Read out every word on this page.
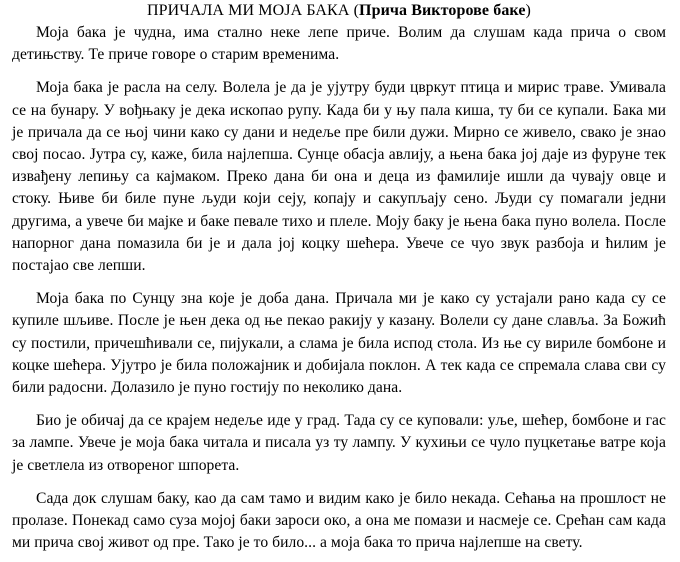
ПРИЧАЛА МИ МОЈА БАКА (Прича Викторове баке)

Моја бака је чудна, има стално неке лепе приче. Волим да слушам када прича о свом детињству. Те приче говоре о старим временима.

Моја бака је расла на селу. Волела је да је ујутру буди цвркут птица и мирис траве. Умивала се на бунару. У вођњаку је дека ископао рупу. Када би у њу пала киша, ту би се купали. Бака ми је причала да се њој чини како су дани и недеље пре били дужи. Мирно се живело, свако је знао свој посао. Јутра су, каже, била најлепша. Сунце обасја авлију, а њена бака јој даје из фуруне тек извађену лепињу са кајмаком. Преко дана би она и деца из фамилије ишли да чувају овце и стоку. Њиве би биле пуне људи који сеју, копају и сакупљају сено. Људи су помагали једни другима, а увече би мајке и баке певале тихо и плеле. Мојy баку је њена бака пуно волела. После напорног дана помазила би је и дала јој коцку шећера. Увече се чуо звук разбоја и ћилим је постајао све лепши.

Моја бака по Сунцу зна које је доба дана. Причала ми је како су устајали рано када су се купиле шљиве. После је њен дека од ње пекао ракију у казану. Волели су дане славља. За Божић су постили, причешћивали се, пијукали, а слама је била испод стола. Из ње су вириле бомбоне и коцке шећера. Ујутро је била положајник и добијала поклон. А тек када се спремала слава сви су били радосни. Долазило је пуно гостију по неколико дана.

Био је обичај да се крајем недеље иде у град. Тада су се куповали: уље, шећер, бомбоне и гас за лампе. Увече је моја бака читала и писала уз ту лампу. У кухињи се чуло пуцкетање ватре која је светлела из отвореног шпорета.

Сада док слушам баку, као да сам тамо и видим како је било некада. Сећања на прошлост не пролазе. Понекад само суза мојој баки зароси око, а она ме помази и насмеје се. Срећан сам када ми прича свој живот од пре. Тако је то било... а моја бака то прича најлепше на свету.
